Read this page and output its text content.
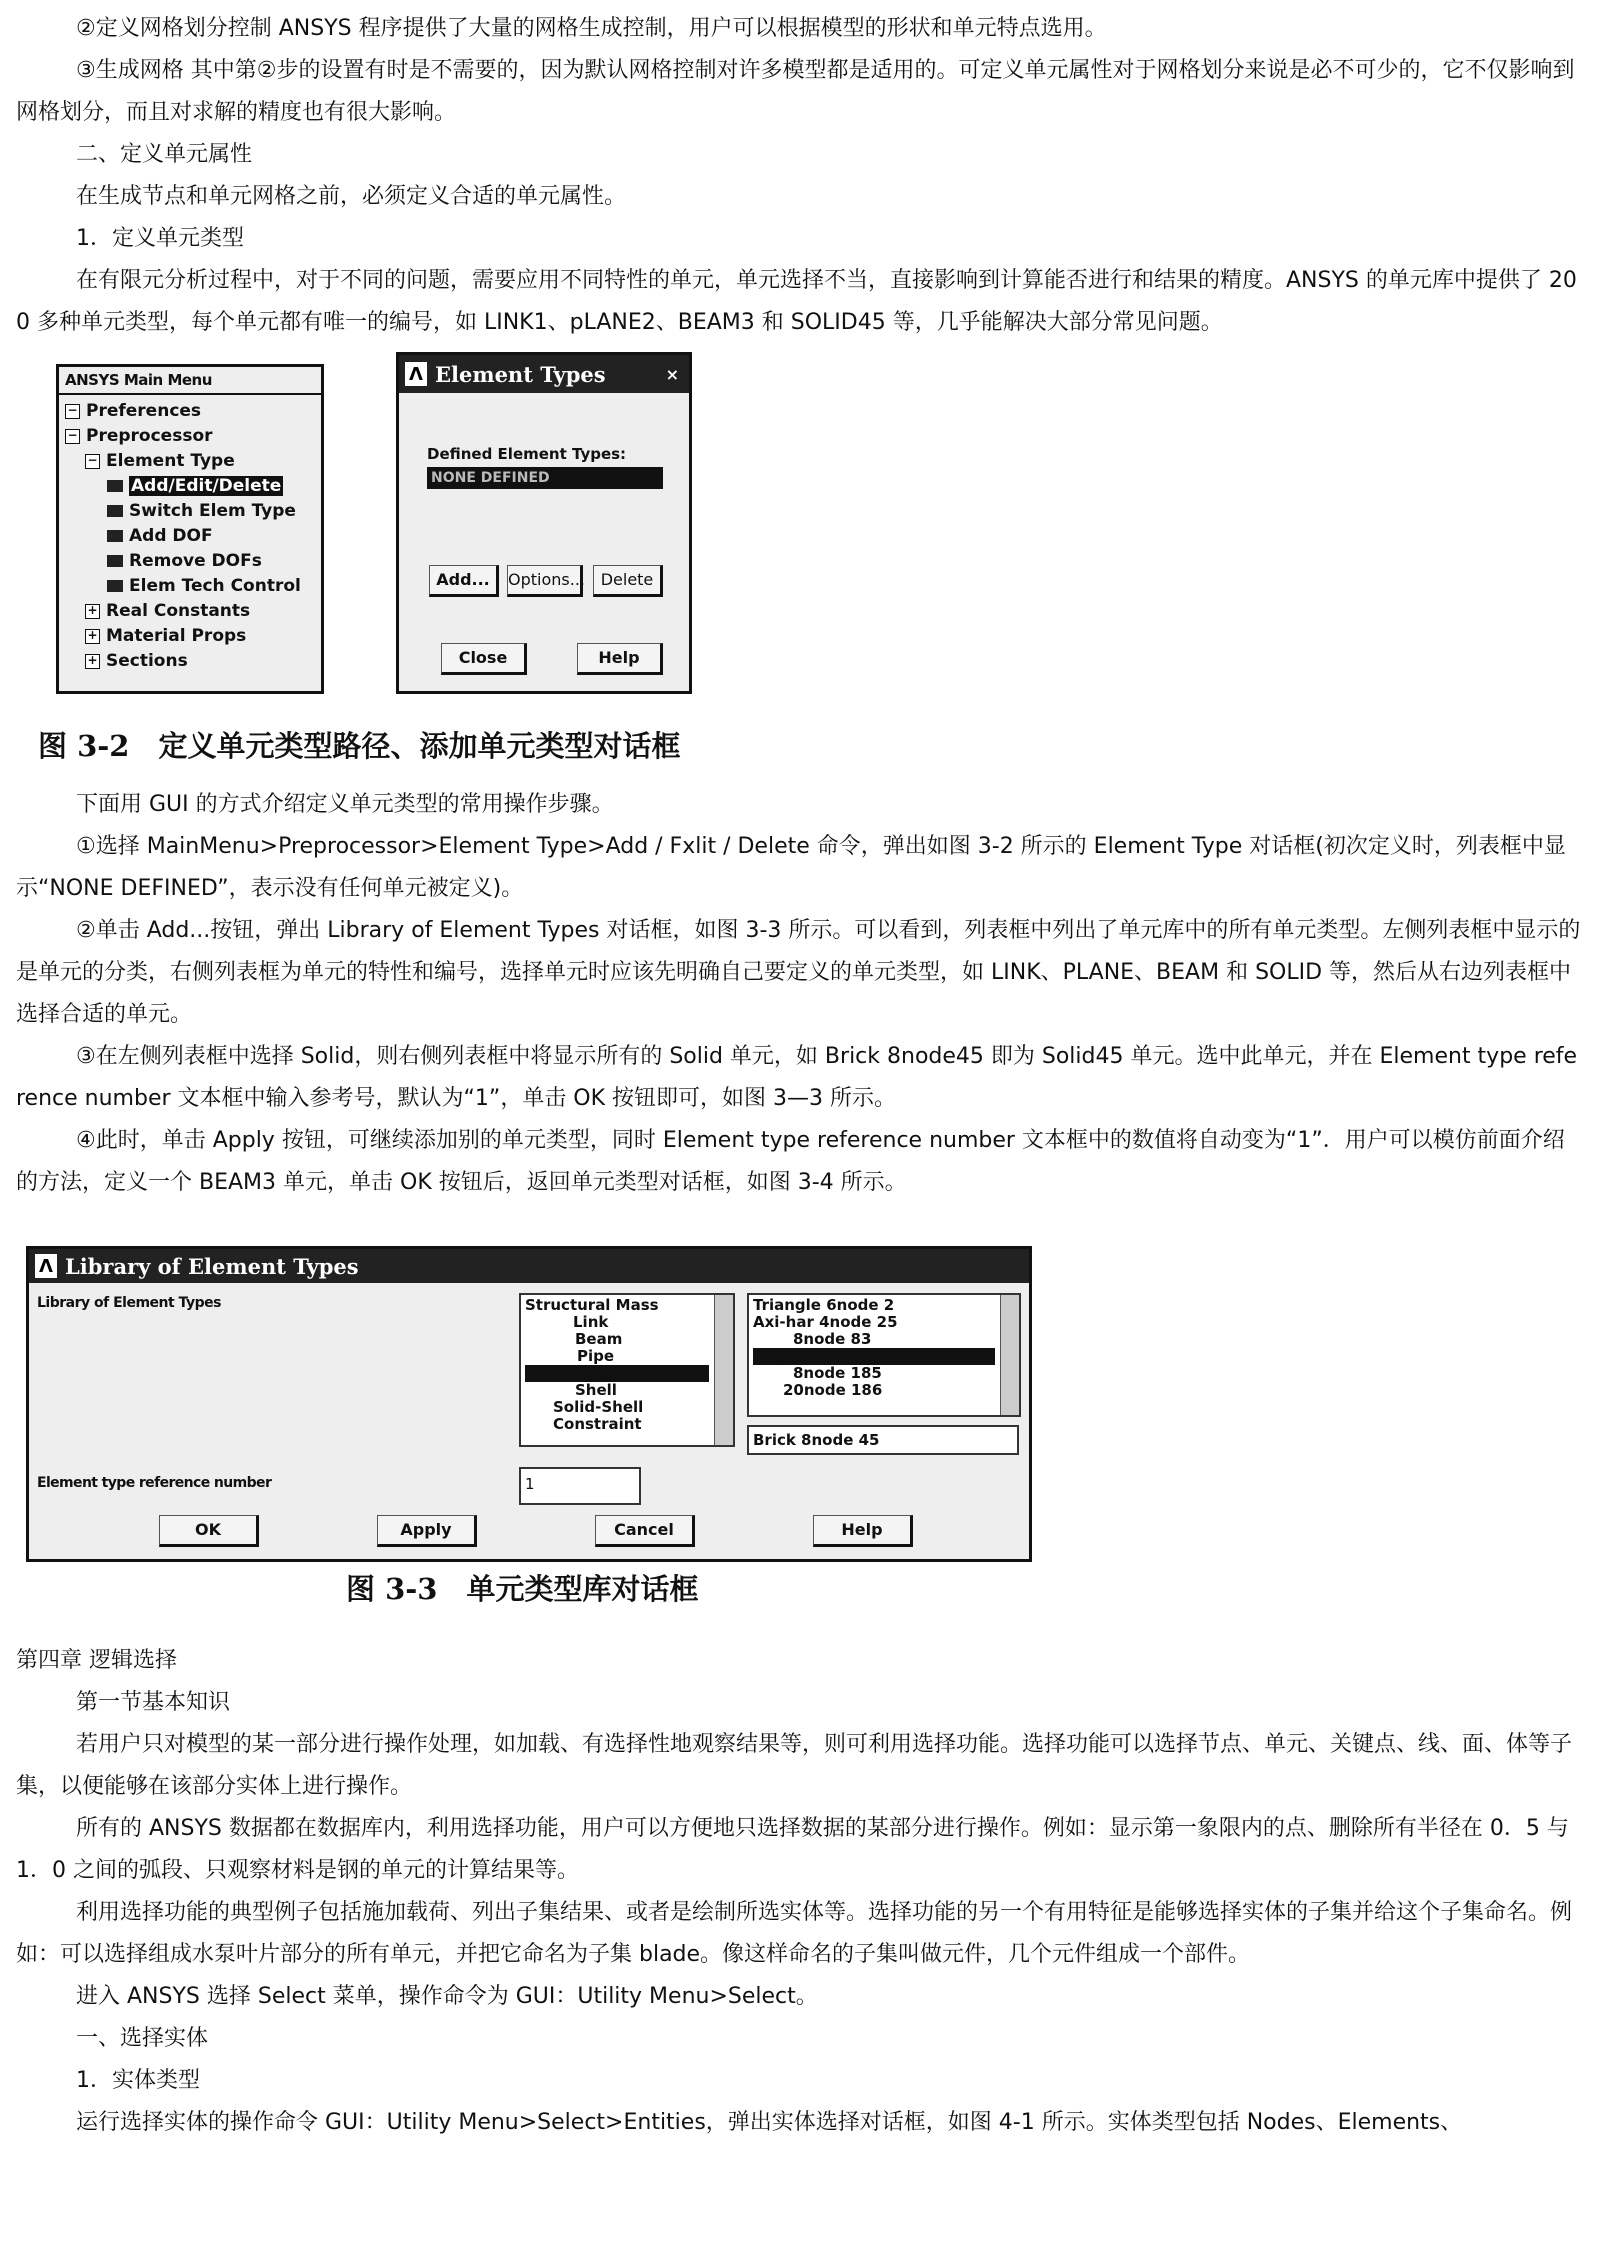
②定义网格划分控制 ANSYS 程序提供了大量的网格生成控制，用户可以根据模型的形状和单元特点选用。

③生成网格 其中第②步的设置有时是不需要的，因为默认网格控制对许多模型都是适用的。可定义单元属性对于网格划分来说是必不可少的，它不仅影响到网格划分，而且对求解的精度也有很大影响。

二、定义单元属性

在生成节点和单元网格之前，必须定义合适的单元属性。

1．定义单元类型

在有限元分析过程中，对于不同的问题，需要应用不同特性的单元，单元选择不当，直接影响到计算能否进行和结果的精度。ANSYS 的单元库中提供了 200 多种单元类型，每个单元都有唯一的编号，如 LINK1、pLANE2、BEAM3 和 SOLID45 等，几乎能解决大部分常见问题。

ANSYS Main Menu
− Preferences
− Preprocessor
− Element Type
Add/Edit/Delete
Switch Elem Type
Add DOF
Remove DOFs
Elem Tech Control
+ Real Constants
+ Material Props
+ Sections
Λ Element Types	×
Defined Element Types:
NONE DEFINED
Add...	Options... Delete
Close	Help
图 3-2　定义单元类型路径、添加单元类型对话框

下面用 GUI 的方式介绍定义单元类型的常用操作步骤。

①选择 MainMenu>Preprocessor>Element Type>Add / Fxlit / Delete 命令，弹出如图 3-2 所示的 Element Type 对话框(初次定义时，列表框中显示“NONE DEFINED”，表示没有任何单元被定义)。

②单击 Add...按钮，弹出 Library of Element Types 对话框，如图 3-3 所示。可以看到，列表框中列出了单元库中的所有单元类型。左侧列表框中显示的是单元的分类，右侧列表框为单元的特性和编号，选择单元时应该先明确自己要定义的单元类型，如 LINK、PLANE、BEAM 和 SOLID 等，然后从右边列表框中选择合适的单元。

③在左侧列表框中选择 Solid，则右侧列表框中将显示所有的 Solid 单元，如 Brick 8node45 即为 Solid45 单元。选中此单元，并在 Element type reference number 文本框中输入参考号，默认为“1”，单击 OK 按钮即可，如图 3—3 所示。

④此时，单击 Apply 按钮，可继续添加别的单元类型，同时 Element type reference number 文本框中的数值将自动变为“1”．用户可以模仿前面介绍的方法，定义一个 BEAM3 单元，单击 OK 按钮后，返回单元类型对话框，如图 3-4 所示。

Λ Library of Element Types
Library of Element Types	Structural Mass
Link
Beam
Pipe
Solid
Shell
Solid-Shell
Constraint
Triangle 6node 2
Axi-har 4node 25
8node 83
Brick 8node 45
8node 185
20node 186
Brick 8node 45
Element type reference number	1
OK	Apply	Cancel	Help
图 3-3　单元类型库对话框

第四章 逻辑选择

第一节基本知识

若用户只对模型的某一部分进行操作处理，如加载、有选择性地观察结果等，则可利用选择功能。选择功能可以选择节点、单元、关键点、线、面、体等子集，以便能够在该部分实体上进行操作。

所有的 ANSYS 数据都在数据库内，利用选择功能，用户可以方便地只选择数据的某部分进行操作。例如：显示第一象限内的点、删除所有半径在 0．5 与 1．0 之间的弧段、只观察材料是钢的单元的计算结果等。

利用选择功能的典型例子包括施加载荷、列出子集结果、或者是绘制所选实体等。选择功能的另一个有用特征是能够选择实体的子集并给这个子集命名。例如：可以选择组成水泵叶片部分的所有单元，并把它命名为子集 blade。像这样命名的子集叫做元件，几个元件组成一个部件。

进入 ANSYS 选择 Select 菜单，操作命令为 GUI：Utility Menu>Select。

一、选择实体

1．实体类型

运行选择实体的操作命令 GUI：Utility Menu>Select>Entities，弹出实体选择对话框，如图 4-1 所示。实体类型包括 Nodes、Elements、
